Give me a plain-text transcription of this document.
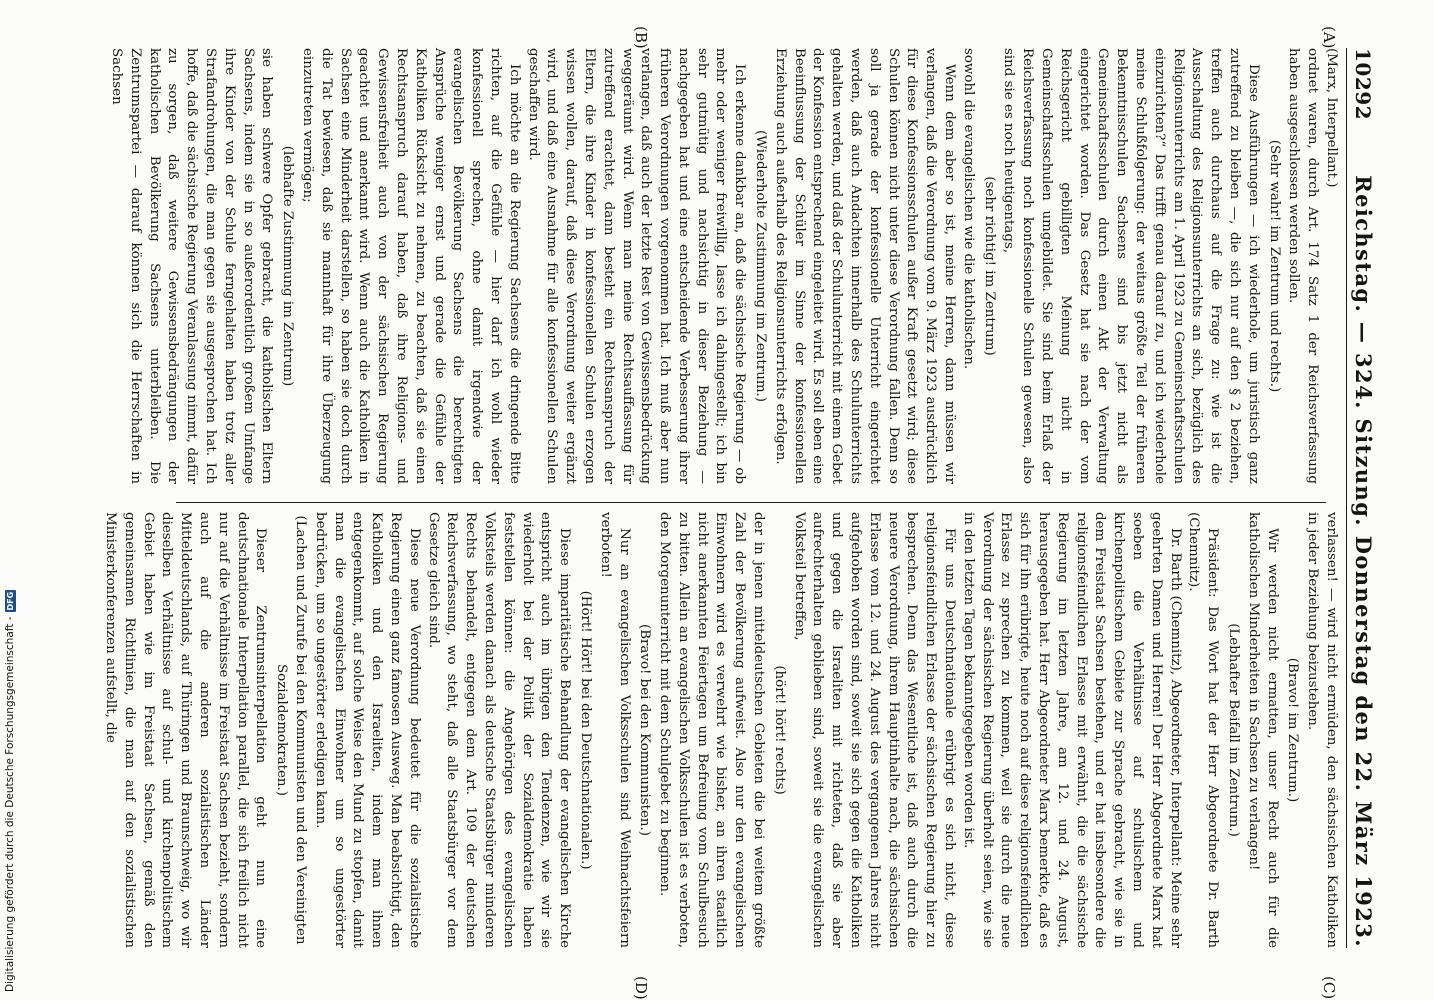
10292
Reichstag. — 324. Sitzung. Donnerstag den 22. März 1923.
(A)
(B)

(Marx, Interpellant.)

ordnet waren, durch Art. 174 Satz 1 der Reichsverfassung haben ausgeschlossen werden sollen.

(Sehr wahr! im Zentrum und rechts.)

Diese Ausführungen — ich wiederhole, um juristisch ganz zutreffend zu bleiben —, die sich nur auf den § 2 beziehen, treffen auch durchaus auf die Frage zu: wie ist die Ausschaltung des Religionsunterrichts an sich, bezüglich des Religionsunterrichts am 1. April 1923 zu Gemeinschaftsschulen einzurichten?“ Das trifft genau darauf zu, und ich wiederhole meine Schlußfolgerung: der weitaus größte Teil der früheren Bekenntnisschulen Sachsens sind bis jetzt nicht als Gemeinschaftsschulen durch einen Akt der Verwaltung eingerichtet worden. Das Gesetz hat sie nach der vom Reichsgericht gebilligten Meinung nicht in Gemeinschaftsschulen umgebildet. Sie sind beim Erlaß der Reichsverfassung noch konfessionelle Schulen gewesen, also sind sie es noch heutigentags,

(sehr richtig! im Zentrum)

sowohl die evangelischen wie die katholischen.

Wenn dem aber so ist, meine Herren, dann müssen wir verlangen, daß die Verordnung vom 9. März 1923 ausdrücklich für diese Konfessionsschulen außer Kraft gesetzt wird; diese Schulen können nicht unter diese Verordnung fallen. Denn so soll ja gerade der konfessionelle Unterricht eingerichtet werden, daß auch Andachten innerhalb des Schulunterrichts gehalten werden, und daß der Schulunterricht mit einem Gebet der Konfession entsprechend eingeleitet wird. Es soll eben eine Beeinflussung der Schüler im Sinne der konfessionellen Erziehung auch außerhalb des Religionsunterrichts erfolgen.

(Wiederholte Zustimmung im Zentrum.)

Ich erkenne dankbar an, daß die sächsische Regierung — ob mehr oder weniger freiwillig, lasse ich dahingestellt; ich bin sehr gutmütig und nachsichtig in dieser Beziehung — nachgegeben hat und eine entscheidende Verbesserung ihrer früheren Verordnungen vorgenommen hat. Ich muß aber nun verlangen, daß auch der letzte Rest von Gewissensbedrückung weggeräumt wird. Wenn man meine Rechtsauffassung für zutreffend erachtet, dann besteht ein Rechtsanspruch der Eltern, die ihre Kinder in konfessionellen Schulen erzogen wissen wollen, darauf, daß diese Verordnung weiter ergänzt wird, und daß eine Ausnahme für alle konfessionellen Schulen geschaffen wird.

Ich möchte an die Regierung Sachsens die dringende Bitte richten, auf die Gefühle — hier darf ich wohl wieder konfessionell sprechen, ohne damit irgendwie der evangelischen Bevölkerung Sachsens die berechtigten Ansprüche weniger ernst und gerade die Gefühle der Katholiken Rücksicht zu nehmen, zu beachten, daß sie einen Rechtsanspruch darauf haben, daß ihre Religions- und Gewissensfreiheit auch von der sächsischen Regierung geachtet und anerkannt wird. Wenn auch die Katholiken in Sachsen eine Minderheit darstellen, so haben sie doch durch die Tat bewiesen, daß sie mannhaft für ihre Überzeugung einzutreten vermögen;

(lebhafte Zustimmung im Zentrum)

sie haben schwere Opfer gebracht, die katholischen Eltern Sachsens, indem sie in so außerordentlich großem Umfange ihre Kinder von der Schule ferngehalten haben trotz aller Strafandrohungen, die man gegen sie ausgesprochen hat. Ich hoffe, daß die sächsische Regierung Veranlassung nimmt, dafür zu sorgen, daß weitere Gewissensbedrängungen der katholischen Bevölkerung Sachsens unterbleiben. Die Zentrumspartei — darauf können sich die Herrschaften in Sachsen

verlassen! — wird nicht ermüden, den sächsischen Katholiken in jeder Beziehung beizustehen.

(Bravo! im Zentrum.)

Wir werden nicht ermatten, unser Recht auch für die katholischen Minderheiten in Sachsen zu verlangen!

(Lebhafter Beifall im Zentrum.)

Präsident: Das Wort hat der Herr Abgeordnete Dr. Barth (Chemnitz).

Dr. Barth (Chemnitz), Abgeordneter, Interpellant: Meine sehr geehrten Damen und Herren! Der Herr Abgeordnete Marx hat soeben die Verhältnisse auf schulischem und kirchenpolitischem Gebiete zur Sprache gebracht, wie sie in dem Freistaat Sachsen bestehen, und er hat insbesondere die religionsfeindlichen Erlasse mit erwähnt, die die sächsische Regierung im letzten Jahre, am 12. und 24. August, herausgegeben hat. Herr Abgeordneter Marx bemerkte, daß es sich für ihn erübrigte, heute noch auf diese religionsfeindlichen Erlasse zu sprechen zu kommen, weil sie durch die neue Verordnung der sächsischen Regierung überholt seien, wie sie in den letzten Tagen bekanntgegeben worden ist.

Für uns Deutschnationale erübrigt es sich nicht, diese religionsfeindlichen Erlasse der sächsischen Regierung hier zu besprechen. Denn das Wesentliche ist, daß auch durch die neuere Verordnung, ihrem Hauptinhalte nach, die sächsischen Erlasse vom 12. und 24. August des vergangenen Jahres nicht aufgehoben worden sind, soweit sie sich gegen die Katholiken und gegen die Israeliten mit richteten, daß sie aber aufrechterhalten geblieben sind, soweit sie die evangelischen Volksteil betreffen,

(hört! hört! rechts)

der in jenen mitteldeutschen Gebieten die bei weitem größte Zahl der Bevölkerung aufweist. Also nur den evangelischen Einwohnern wird es verwehrt wie bisher, an ihren staatlich nicht anerkannten Feiertagen um Befreiung vom Schulbesuch zu bitten. Allein an evangelischen Volksschulen ist es verboten, den Morgenunterricht mit dem Schulgebet zu beginnen.

(Bravo! bei den Kommunisten.)

Nur an evangelischen Volksschulen sind Weihnachtsfeiern verboten!

(Hört! Hört! bei den Deutschnationalen.)

Diese imparitätische Behandlung der evangelischen Kirche entspricht auch im übrigen den Tendenzen, wie wir sie wiederholt bei der Politik der Sozialdemokratie haben feststellen können: die Angehörigen des evangelischen Volksteils werden danach als deutsche Staatsbürger minderen Rechts behandelt, entgegen dem Art. 109 der deutschen Reichsverfassung, wo steht, daß alle Staatsbürger vor dem Gesetze gleich sind.

Diese neue Verordnung bedeutet für die sozialistische Regierung einen ganz famosen Ausweg. Man beabsichtigt, den Katholiken und den Israeliten, indem man ihnen entgegenkommt, auf solche Weise den Mund zu stopfen, damit man die evangelischen Einwohner um so ungestörter bedrücken, um so ungestörter erledigen kann.

(Lachen und Zurufe bei den Kommunisten und den Vereinigten Sozialdemokraten.)

Dieser Zentrumsinterpellation geht nun eine deutschnationale Interpellation parallel, die sich freilich nicht nur auf die Verhältnisse im Freistaat Sachsen bezieht, sondern auch auf die anderen sozialistischen Länder Mitteldeutschlands, auf Thüringen und Braunschweig, wo wir dieselben Verhältnisse auf schul- und kirchenpolitischem Gebiet haben wie im Freistaat Sachsen, gemäß den gemeinsamen Richtlinien, die man auf den sozialistischen Ministerkonferenzen aufstellt, die

(C)
(D)
Digitalisierung gefördert durch die Deutsche Forschungsgemeinschaft -
DFG
